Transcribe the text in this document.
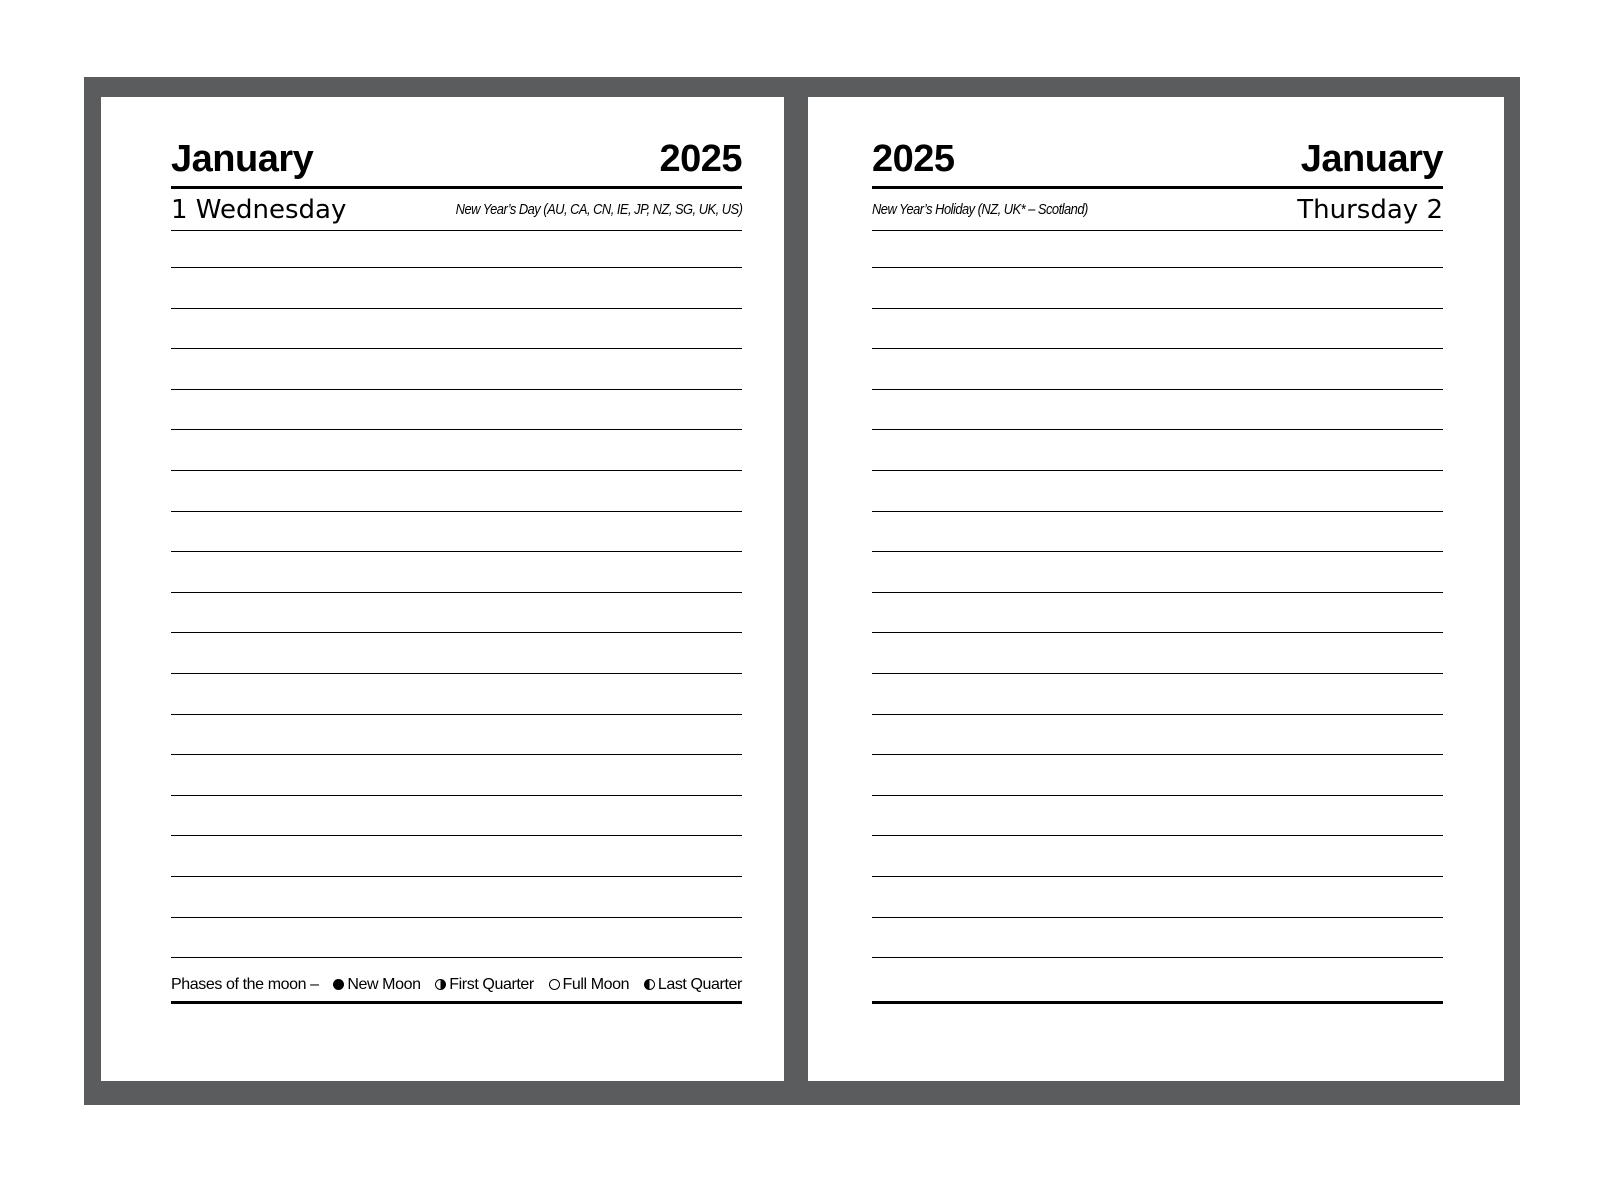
January	2025
1 Wednesday	New Year’s Day (AU, CA, CN, IE, JP, NZ, SG, UK, US)
Phases of the moon – New Moon First Quarter Full Moon Last Quarter
2025	January
New Year’s Holiday (NZ, UK* – Scotland)	Thursday 2
